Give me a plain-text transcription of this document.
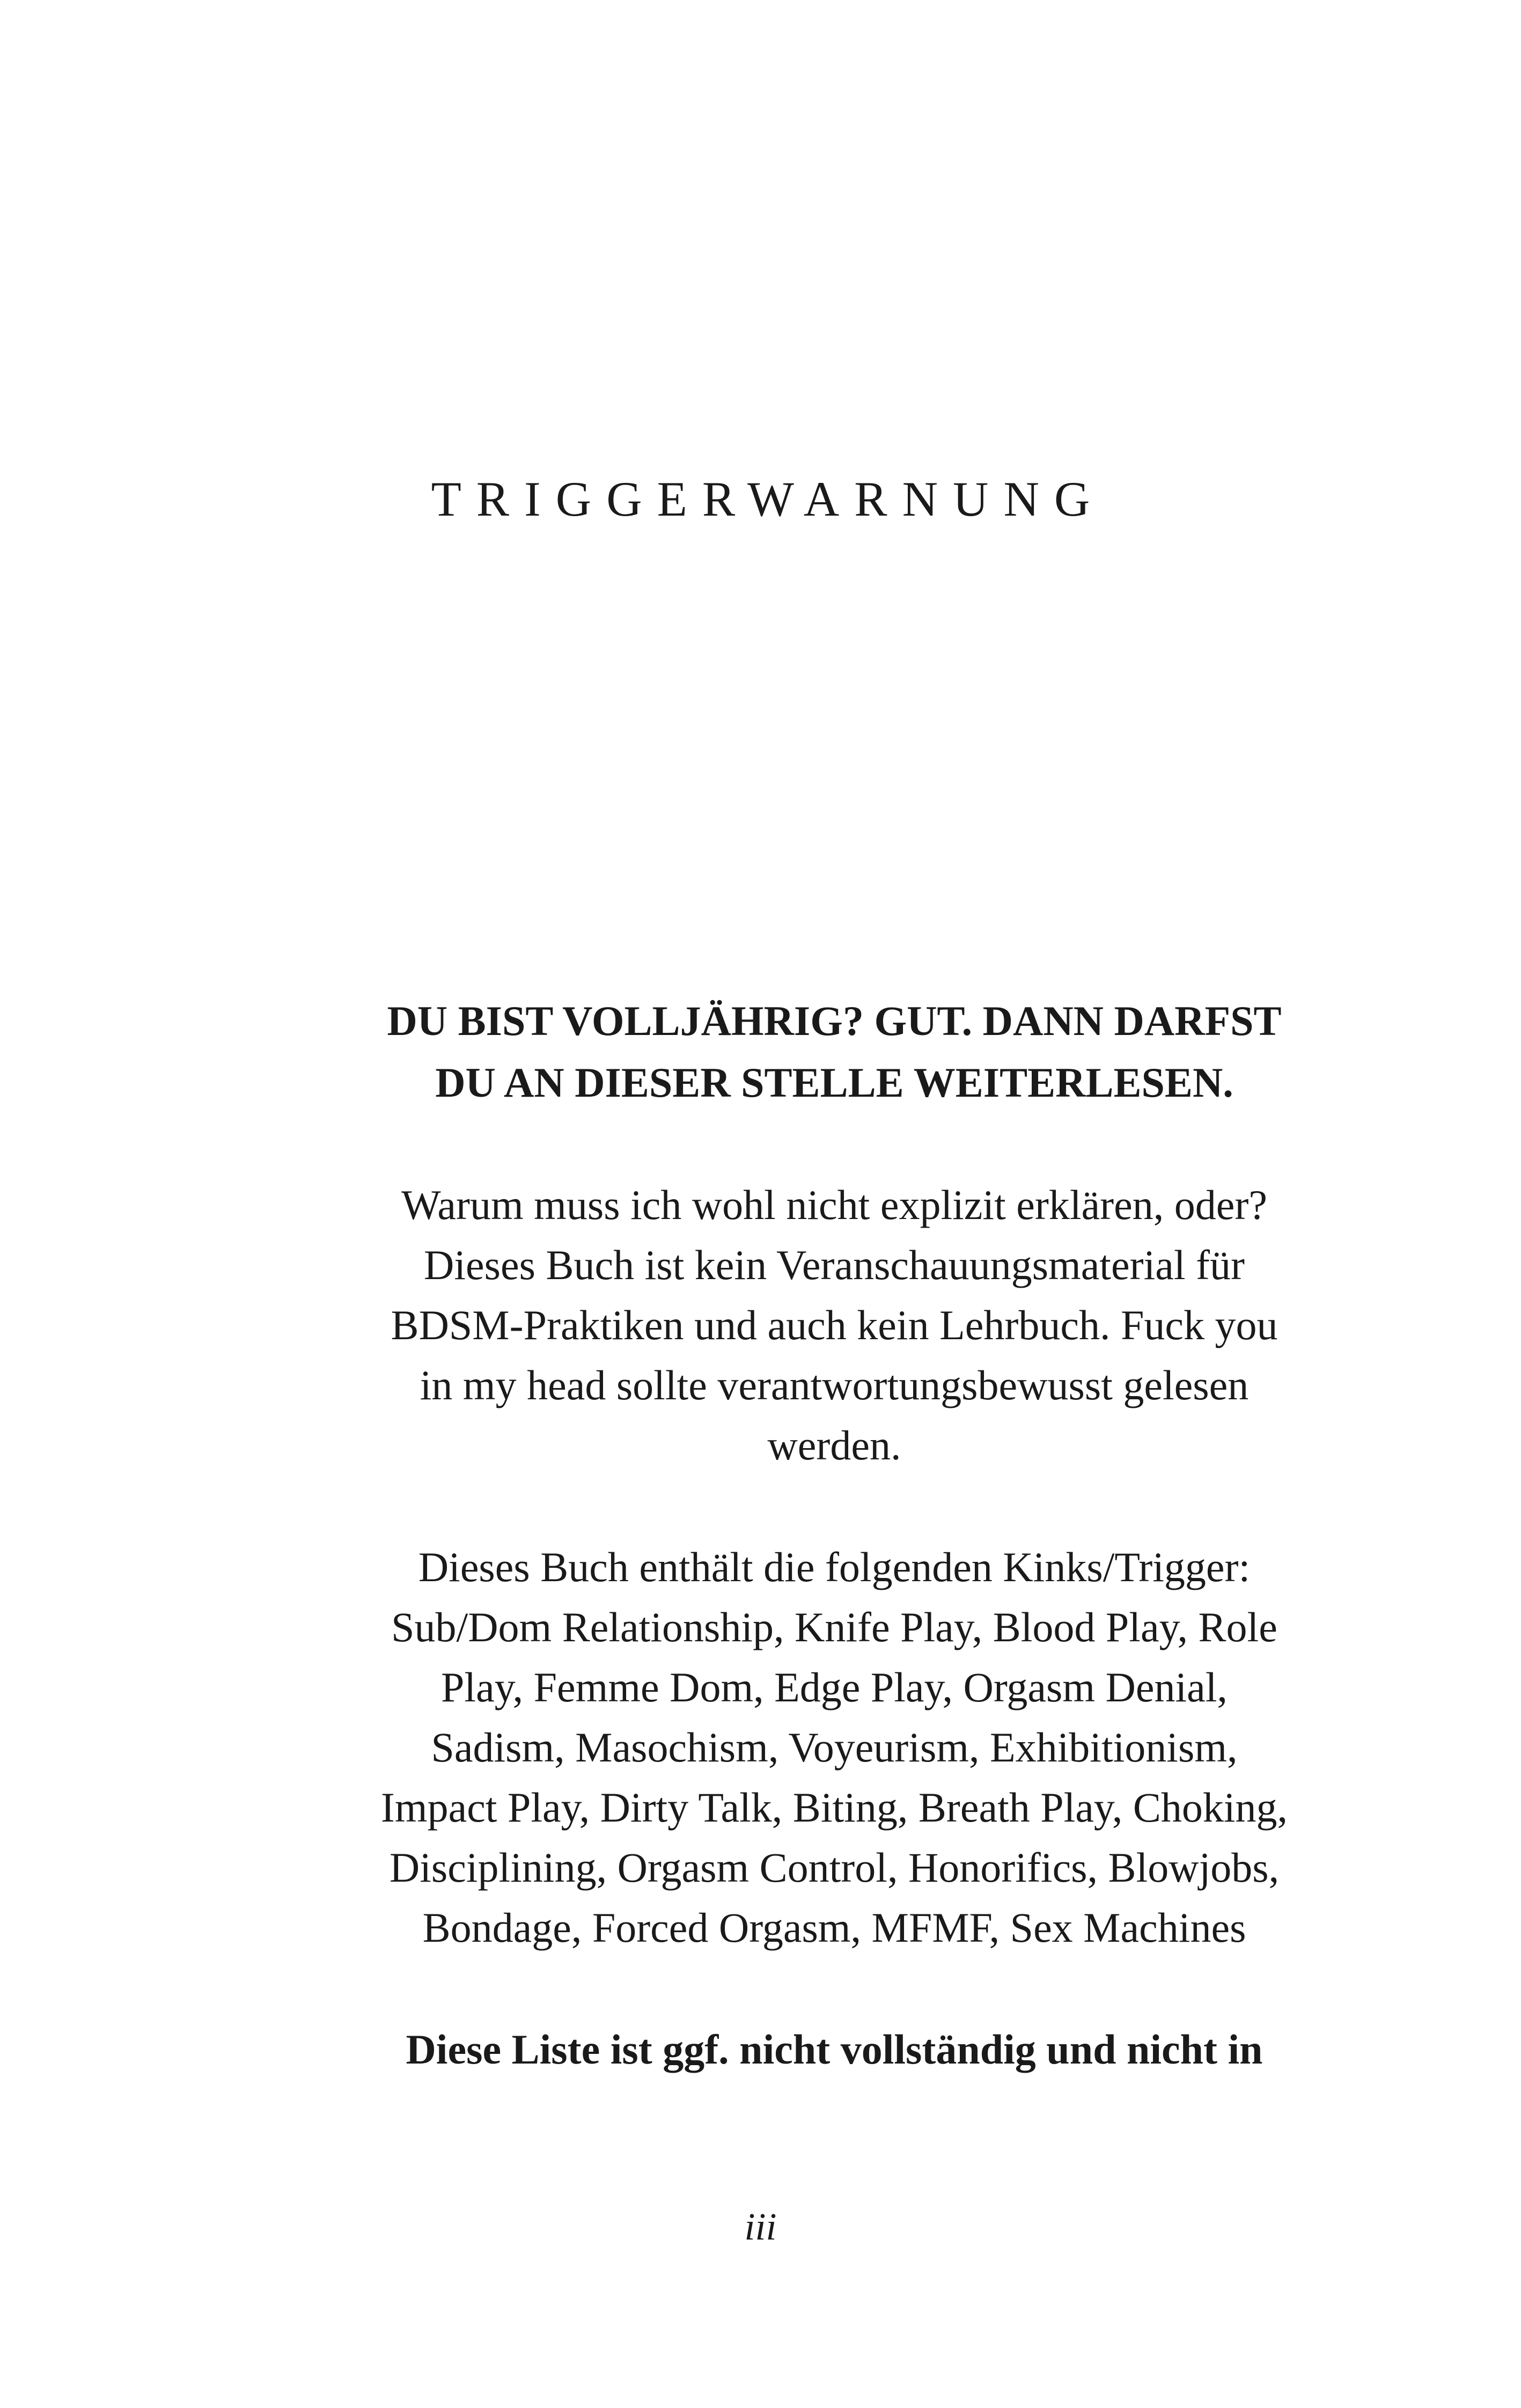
TRIGGERWARNUNG

DU BIST VOLLJÄHRIG? GUT. DANN DARFST
DU AN DIESER STELLE WEITERLESEN.

Warum muss ich wohl nicht explizit erklären, oder?
Dieses Buch ist kein Veranschauungsmaterial für
BDSM-Praktiken und auch kein Lehrbuch. Fuck you
in my head sollte verantwortungsbewusst gelesen
werden.

Dieses Buch enthält die folgenden Kinks/Trigger:
Sub/Dom Relationship, Knife Play, Blood Play, Role
Play, Femme Dom, Edge Play, Orgasm Denial,
Sadism, Masochism, Voyeurism, Exhibitionism,
Impact Play, Dirty Talk, Biting, Breath Play, Choking,
Disciplining, Orgasm Control, Honorifics, Blowjobs,
Bondage, Forced Orgasm, MFMF, Sex Machines

Diese Liste ist ggf. nicht vollständig und nicht in

iii
